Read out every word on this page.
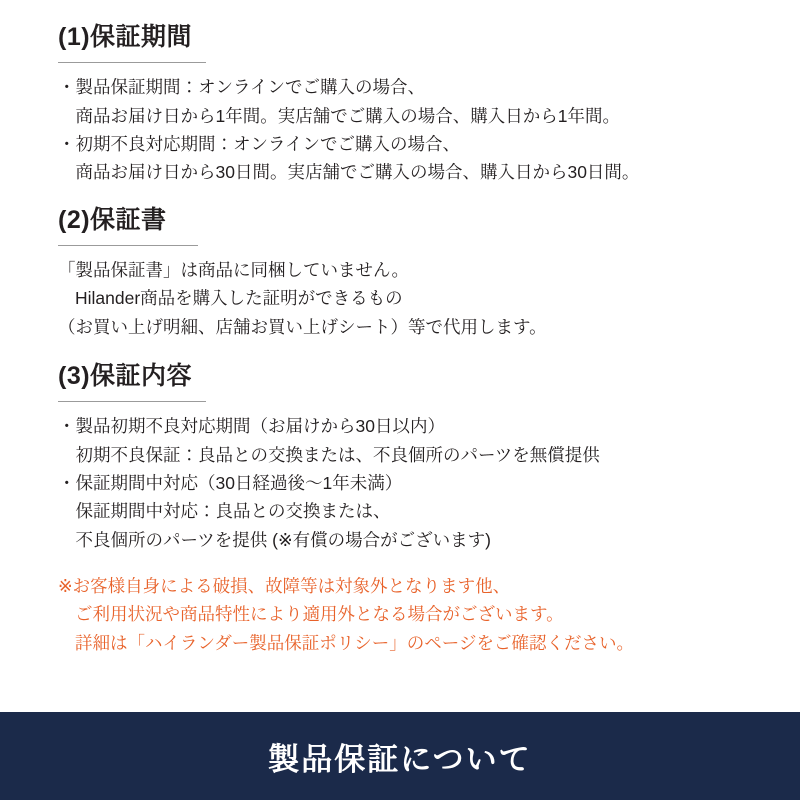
(1)保証期間
・製品保証期間：オンラインでご購入の場合、
　商品お届け日から1年間。実店舗でご購入の場合、購入日から1年間。
・初期不良対応期間：オンラインでご購入の場合、
　商品お届け日から30日間。実店舗でご購入の場合、購入日から30日間。
(2)保証書
「製品保証書」は商品に同梱していません。
Hilander商品を購入した証明ができるもの
（お買い上げ明細、店舗お買い上げシート）等で代用します。
(3)保証内容
・製品初期不良対応期間（お届けから30日以内）
　初期不良保証：良品との交換または、不良個所のパーツを無償提供
・保証期間中対応（30日経過後〜1年未満）
　保証期間中対応：良品との交換または、
　不良個所のパーツを提供 (※有償の場合がございます)
※お客様自身による破損、故障等は対象外となります他、
ご利用状況や商品特性により適用外となる場合がございます。
詳細は「ハイランダー製品保証ポリシー」のページをご確認ください。
製品保証について
